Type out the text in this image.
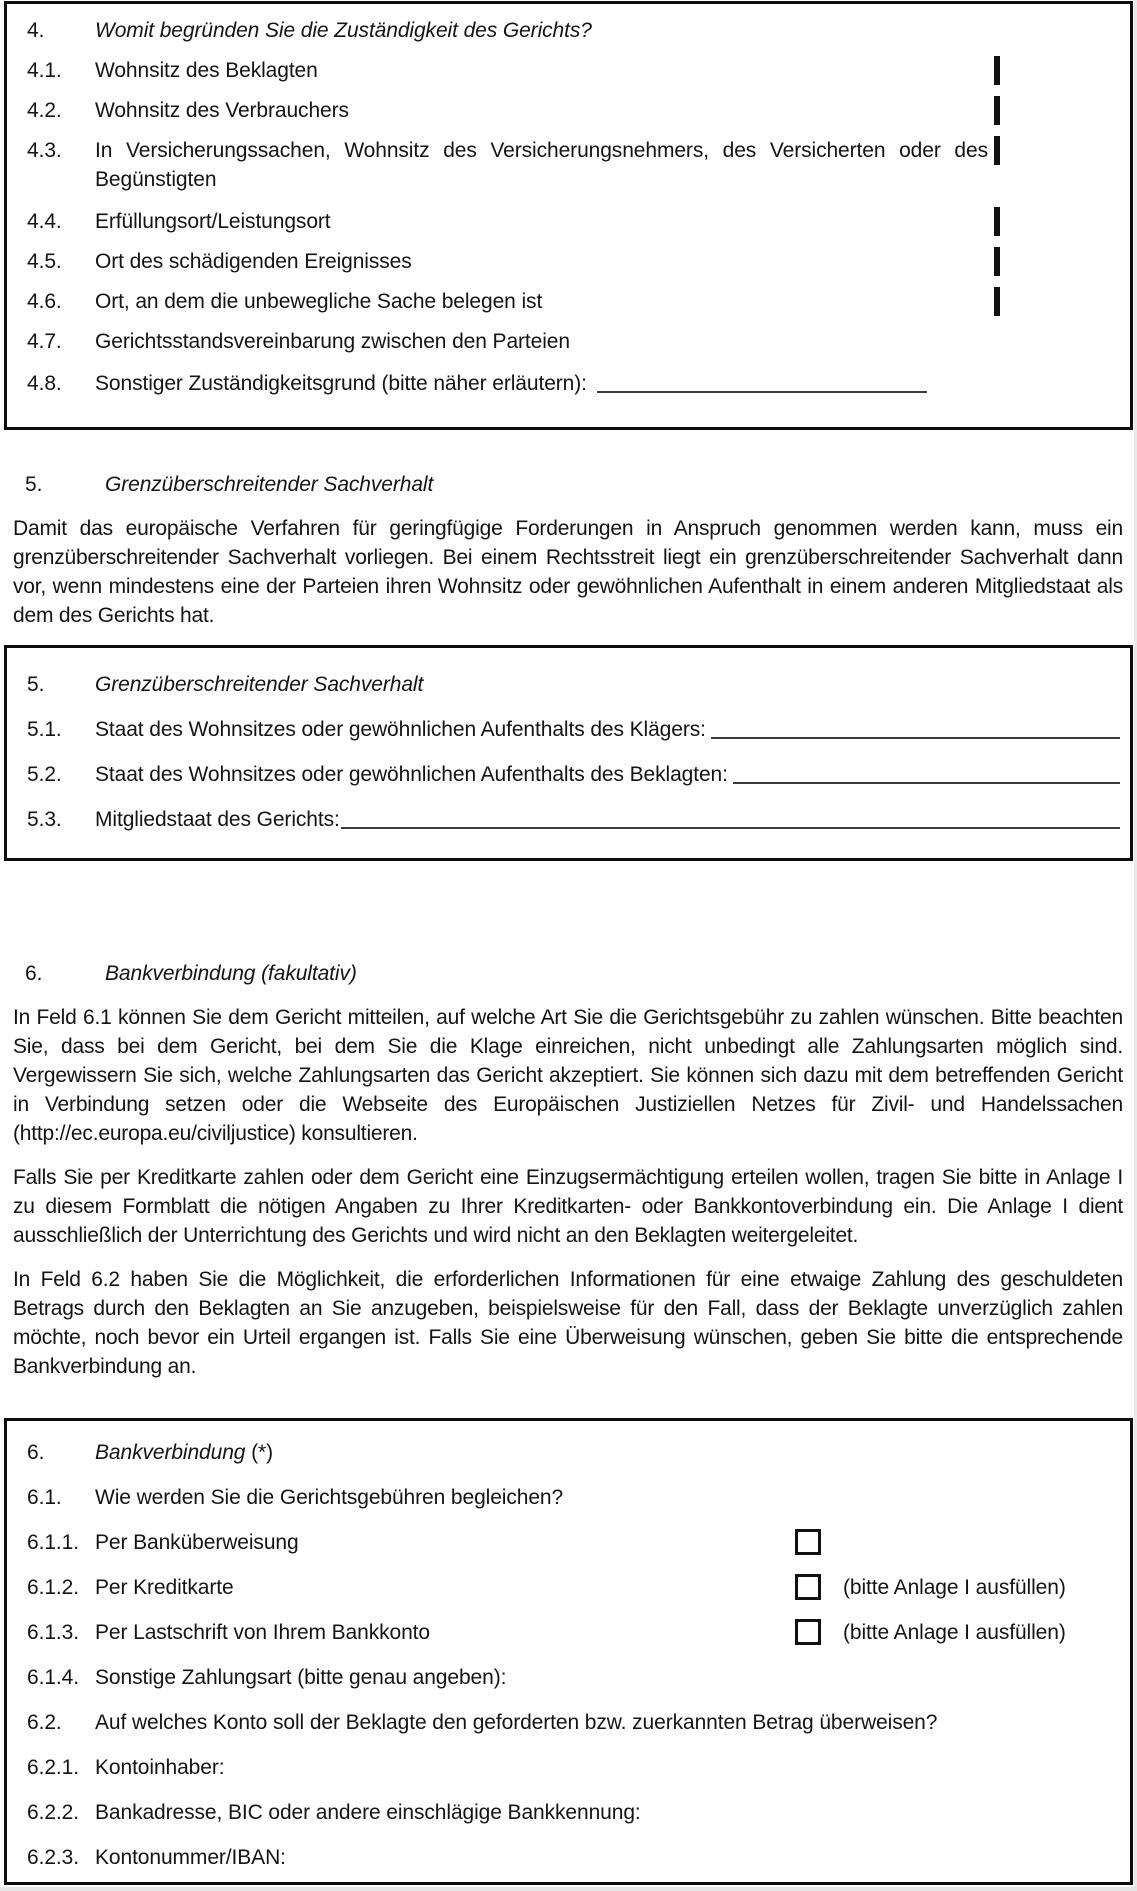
4.	Womit begründen Sie die Zuständigkeit des Gerichts?
4.1.	Wohnsitz des Beklagten
4.2.	Wohnsitz des Verbrauchers
4.3.	In Versicherungssachen, Wohnsitz des Versicherungsnehmers, des Versicherten oder des Begünstigten
4.4.	Erfüllungsort/Leistungsort
4.5.	Ort des schädigenden Ereignisses
4.6.	Ort, an dem die unbewegliche Sache belegen ist
4.7.	Gerichtsstandsvereinbarung zwischen den Parteien
4.8.	Sonstiger Zuständigkeitsgrund (bitte näher erläutern):
5.	Grenzüberschreitender Sachverhalt
Damit das europäische Verfahren für geringfügige Forderungen in Anspruch genommen werden kann, muss ein grenzüberschreitender Sachverhalt vorliegen. Bei einem Rechtsstreit liegt ein grenzüberschreitender Sachverhalt dann vor, wenn mindestens eine der Parteien ihren Wohnsitz oder gewöhnlichen Aufenthalt in einem anderen Mitgliedstaat als dem des Gerichts hat.
5.	Grenzüberschreitender Sachverhalt
5.1.	Staat des Wohnsitzes oder gewöhnlichen Aufenthalts des Klägers:
5.2.	Staat des Wohnsitzes oder gewöhnlichen Aufenthalts des Beklagten:
5.3.	Mitgliedstaat des Gerichts:
6.	Bankverbindung (fakultativ)
In Feld 6.1 können Sie dem Gericht mitteilen, auf welche Art Sie die Gerichtsgebühr zu zahlen wünschen. Bitte beachten Sie, dass bei dem Gericht, bei dem Sie die Klage einreichen, nicht unbedingt alle Zahlungsarten möglich sind. Vergewissern Sie sich, welche Zahlungsarten das Gericht akzeptiert. Sie können sich dazu mit dem betreffenden Gericht in Verbindung setzen oder die Webseite des Europäischen Justiziellen Netzes für Zivil- und Handelssachen (http://ec.europa.eu/civiljustice) konsultieren.
Falls Sie per Kreditkarte zahlen oder dem Gericht eine Einzugsermächtigung erteilen wollen, tragen Sie bitte in Anlage I zu diesem Formblatt die nötigen Angaben zu Ihrer Kreditkarten- oder Bankkontoverbindung ein. Die Anlage I dient ausschließlich der Unterrichtung des Gerichts und wird nicht an den Beklagten weitergeleitet.
In Feld 6.2 haben Sie die Möglichkeit, die erforderlichen Informationen für eine etwaige Zahlung des geschuldeten Betrags durch den Beklagten an Sie anzugeben, beispielsweise für den Fall, dass der Beklagte unverzüglich zahlen möchte, noch bevor ein Urteil ergangen ist. Falls Sie eine Überweisung wünschen, geben Sie bitte die entsprechende Bankverbindung an.
6.	Bankverbindung
(*)
6.1.	Wie werden Sie die Gerichtsgebühren begleichen?
6.1.1. Per Banküberweisung
6.1.2. Per Kreditkarte	(bitte Anlage I ausfüllen)
6.1.3. Per Lastschrift von Ihrem Bankkonto	(bitte Anlage I ausfüllen)
6.1.4. Sonstige Zahlungsart (bitte genau angeben):
6.2.	Auf welches Konto soll der Beklagte den geforderten bzw. zuerkannten Betrag überweisen?
6.2.1. Kontoinhaber:
6.2.2. Bankadresse, BIC oder andere einschlägige Bankkennung:
6.2.3. Kontonummer/IBAN:
